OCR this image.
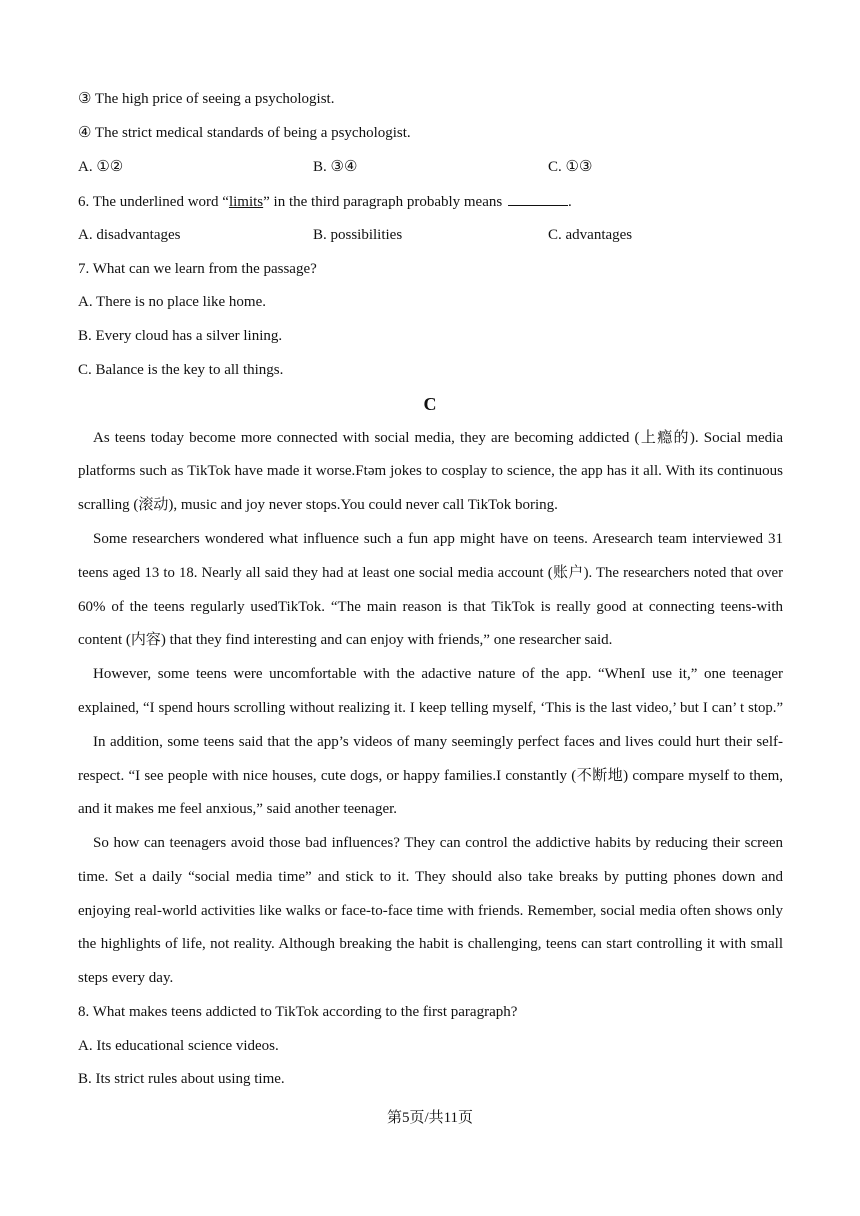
③ The high price of seeing a psychologist.
④ The strict medical standards of being a psychologist.
A. ①②	B. ③④	C. ①③
6. The underlined word “limits” in the third paragraph probably means	.
A. disadvantages	B. possibilities	C. advantages
7. What can we learn from the passage?
A. There is no place like home.
B. Every cloud has a silver lining.
C. Balance is the key to all things.
C
As teens today become more connected with social media, they are becoming addicted (上瘾的). Social media
platforms such as TikTok have made it worse.Ftəm jokes to cosplay to science, the app has it all. With its continuous
scralling (滚动), music and joy never stops.You could never call TikTok boring.
Some researchers wondered what influence such a fun app might have on teens. Aresearch team interviewed 31
teens aged 13 to 18. Nearly all said they had at least one social media account (账户). The researchers noted that over
60% of the teens regularly usedTikTok. “The main reason is that TikTok is really good at connecting teens-with
content (内容) that they find interesting and can enjoy with friends,” one researcher said.
However, some teens were uncomfortable with the adactive nature of the app. “WhenI use it,” one teenager
explained, “I spend hours scrolling without realizing it. I keep telling myself, ‘This is the last video,’ but I can’ t stop.”
In addition, some teens said that the app’s videos of many seemingly perfect faces and lives could hurt their self-
respect. “I see people with nice houses, cute dogs, or happy families.I constantly (不断地) compare myself to them,
and it makes me feel anxious,” said another teenager.
So how can teenagers avoid those bad influences? They can control the addictive habits by reducing their screen
time. Set a daily “social media time” and stick to it. They should also take breaks by putting phones down and
enjoying real-world activities like walks or face-to-face time with friends. Remember, social media often shows only
the highlights of life, not reality. Although breaking the habit is challenging, teens can start controlling it with small
steps every day.
8. What makes teens addicted to TikTok according to the first paragraph?
A. Its educational science videos.
B. Its strict rules about using time.
第5页/共11页
